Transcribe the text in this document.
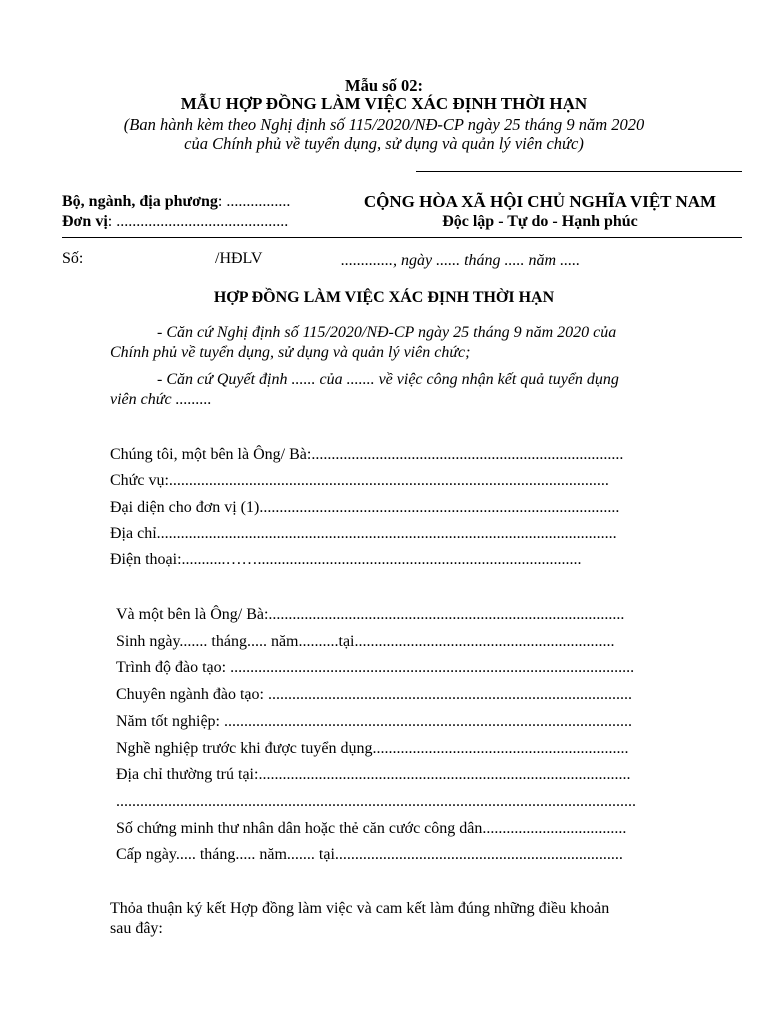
Mẫu số 02:
MẪU HỢP ĐỒNG LÀM VIỆC XÁC ĐỊNH THỜI HẠN
(Ban hành kèm theo Nghị định số 115/2020/NĐ-CP ngày 25 tháng 9 năm 2020
của Chính phủ về tuyển dụng, sử dụng và quản lý viên chức)
Bộ, ngành, địa phương: ................
Đơn vị: ...........................................
CỘNG HÒA XÃ HỘI CHỦ NGHĨA VIỆT NAM
Độc lập - Tự do - Hạnh phúc
Số:	/HĐLV	............., ngày ...... tháng ..... năm .....
HỢP ĐỒNG LÀM VIỆC XÁC ĐỊNH THỜI HẠN
- Căn cứ Nghị định số 115/2020/NĐ-CP ngày 25 tháng 9 năm 2020 của
Chính phủ về tuyển dụng, sử dụng và quản lý viên chức;
- Căn cứ Quyết định ...... của ....... về việc công nhận kết quả tuyển dụng
viên chức .........
Chúng tôi, một bên là Ông/ Bà:..............................................................................
Chức vụ:..............................................................................................................
Đại diện cho đơn vị (1)..........................................................................................
Địa chỉ...................................................................................................................
Điện thoại:...........…….................................................................................
Và một bên là Ông/ Bà:.........................................................................................
Sinh ngày....... tháng..... năm..........tại.................................................................
Trình độ đào tạo: .....................................................................................................
Chuyên ngành đào tạo: ...........................................................................................
Năm tốt nghiệp: ......................................................................................................
Nghề nghiệp trước khi được tuyển dụng................................................................
Địa chỉ thường trú tại:.............................................................................................
..................................................................................................................................
Số chứng minh thư nhân dân hoặc thẻ căn cước công dân....................................
Cấp ngày..... tháng..... năm....... tại........................................................................
Thỏa thuận ký kết Hợp đồng làm việc và cam kết làm đúng những điều khoản
sau đây:
